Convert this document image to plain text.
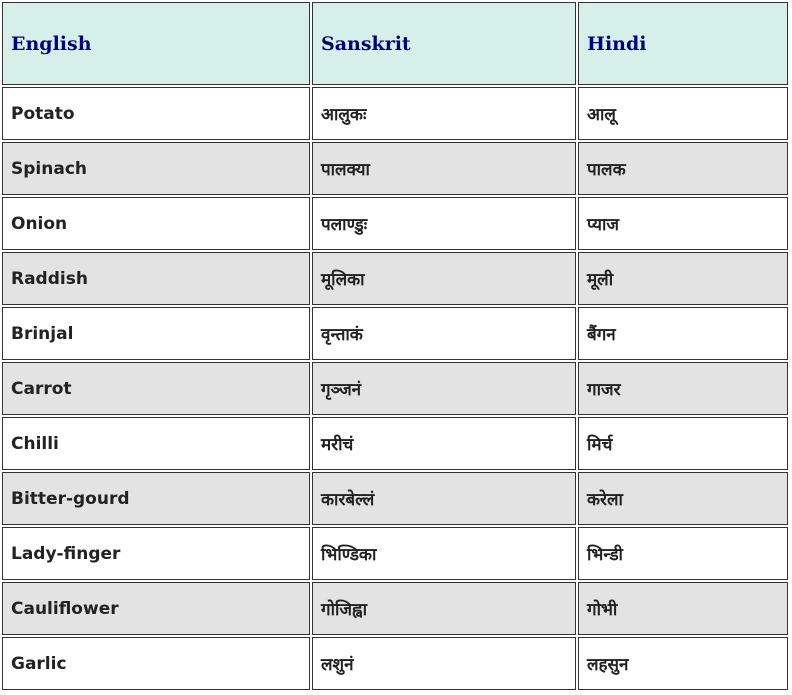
English	Sanskrit	Hindi
Potato	आलुकः	आलू
Spinach	पालक्या	पालक
Onion	पलाण्डुः	प्याज
Raddish	मूलिका	मूली
Brinjal	वृन्ताकं	बैंगन
Carrot	गृञ्जनं	गाजर
Chilli	मरीचं	मिर्च
Bitter-gourd	कारबेल्लं	करेला
Lady-finger	भिण्डिका	भिन्डी
Cauliflower	गोजिह्वा	गोभी
Garlic	लशुनं	लहसुन
